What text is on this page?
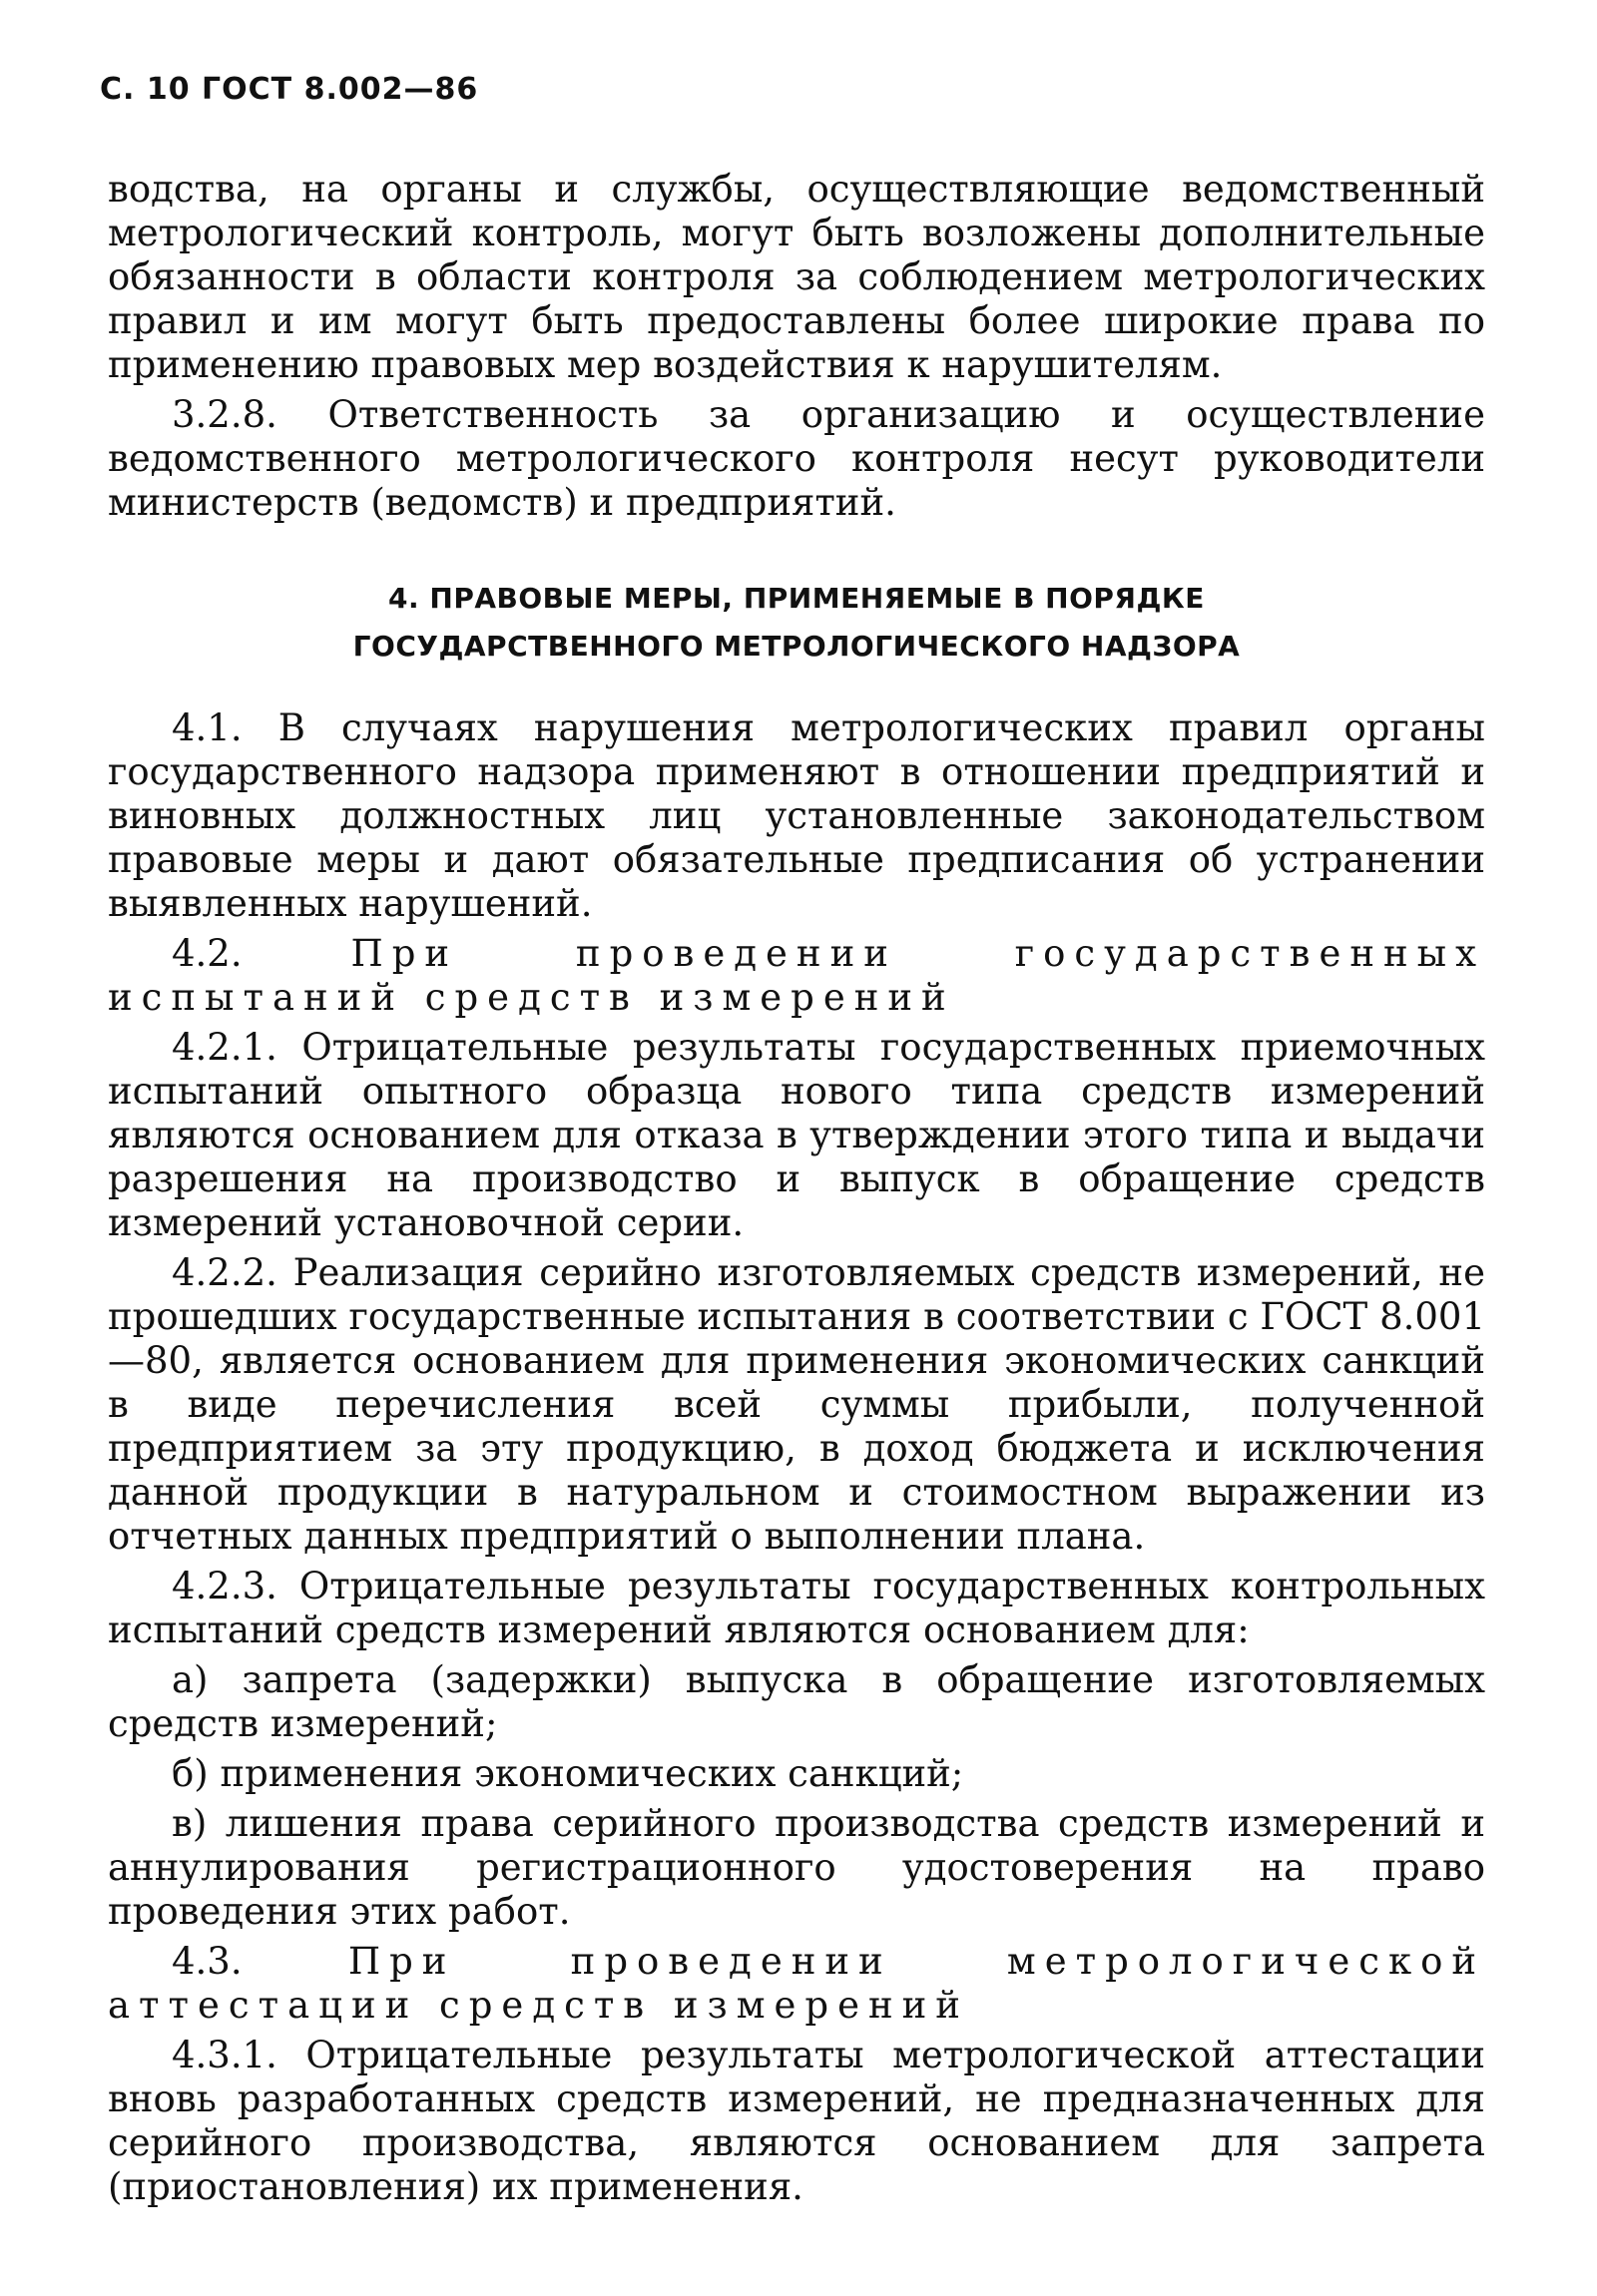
С. 10 ГОСТ 8.002—86

водства, на органы и службы, осуществляющие ведомственный метрологический контроль, могут быть возложены дополнительные обязанности в области контроля за соблюдением метрологических правил и им могут быть предоставлены более широкие права по применению правовых мер воздействия к нарушителям.

3.2.8. Ответственность за организацию и осуществление ведомственного метрологического контроля несут руководители министерств (ведомств) и предприятий.

4. ПРАВОВЫЕ МЕРЫ, ПРИМЕНЯЕМЫЕ В ПОРЯДКЕ
ГОСУДАРСТВЕННОГО МЕТРОЛОГИЧЕСКОГО НАДЗОРА

4.1. В случаях нарушения метрологических правил органы государственного надзора применяют в отношении предприятий и виновных должностных лиц установленные законодательством правовые меры и дают обязательные предписания об устранении выявленных нарушений.

4.2.	При проведении государственных испытаний средств измерений

4.2.1. Отрицательные результаты государственных приемочных испытаний опытного образца нового типа средств измерений являются основанием для отказа в утверждении этого типа и выдачи разрешения на производство и выпуск в обращение средств измерений установочной серии.

4.2.2. Реализация серийно изготовляемых средств измерений, не прошедших государственные испытания в соответствии с ГОСТ 8.001—80, является основанием для применения экономических санкций в виде перечисления всей суммы прибыли, полученной предприятием за эту продукцию, в доход бюджета и исключения данной продукции в натуральном и стоимостном выражении из отчетных данных предприятий о выполнении плана.

4.2.3. Отрицательные результаты государственных контрольных испытаний средств измерений являются основанием для:

а) запрета (задержки) выпуска в обращение изготовляемых средств измерений;

б) применения экономических санкций;

в) лишения права серийного производства средств измерений и аннулирования регистрационного удостоверения на право проведения этих работ.

4.3.	При проведении метрологической аттестации средств измерений

4.3.1. Отрицательные результаты метрологической аттестации вновь разработанных средств измерений, не предназначенных для серийного производства, являются основанием для запрета (приостановления) их применения.
